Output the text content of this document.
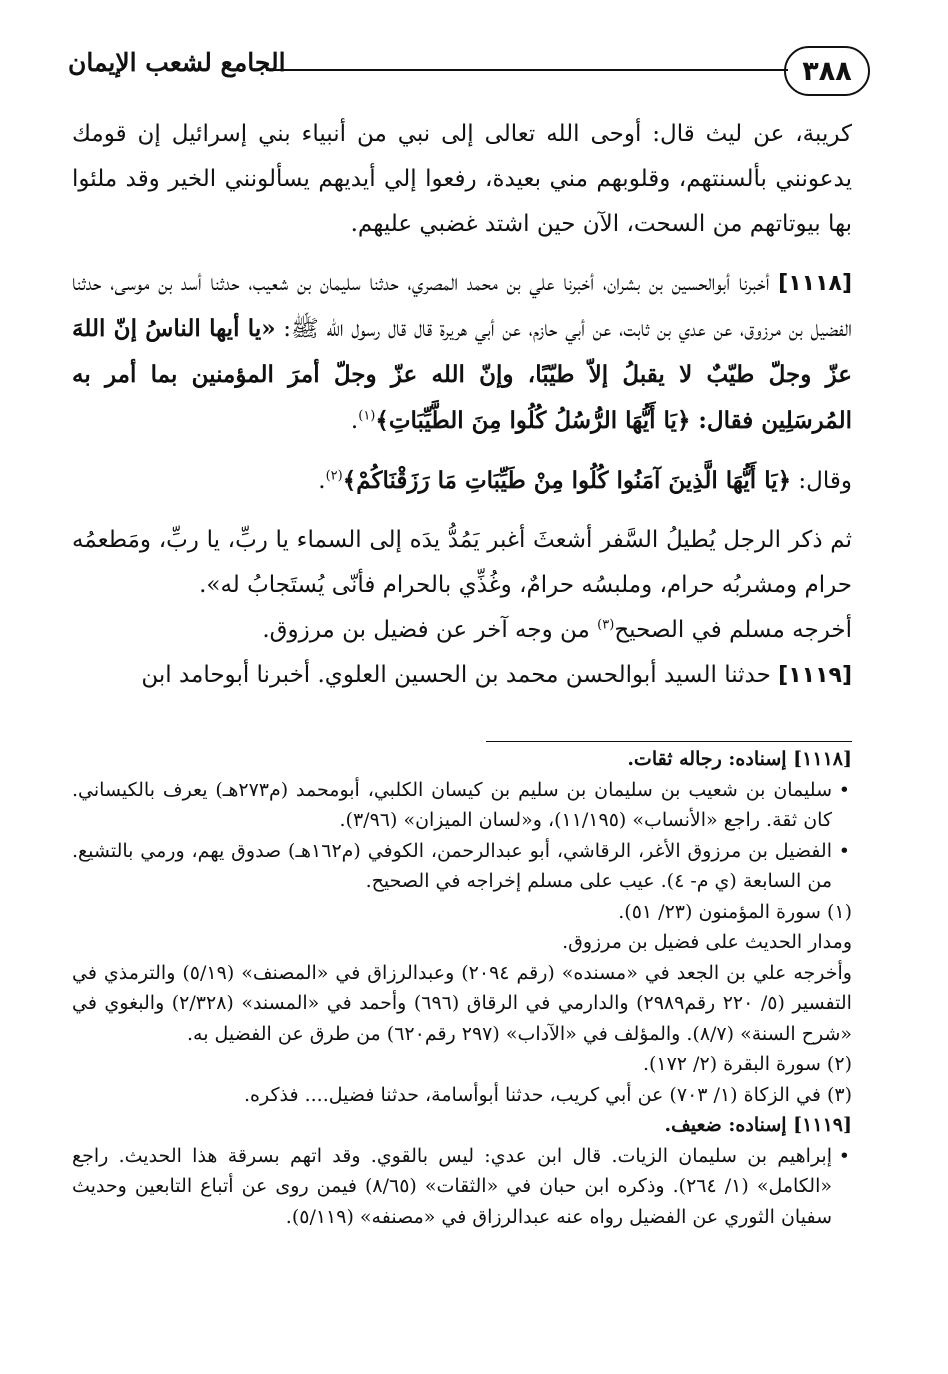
٣٨٨
الجامع لشعب الإيمان

كريبة، عن ليث قال: أوحى الله تعالى إلى نبي من أنبياء بني إسرائيل إن قومك يدعونني بألسنتهم، وقلوبهم مني بعيدة، رفعوا إلي أيديهم يسألونني الخير وقد ملئوا بها بيوتاتهم من السحت، الآن حين اشتد غضبي عليهم.

[١١١٨] أخبرنا أبوالحسين بن بشران، أخبرنا علي بن محمد المصري، حدثنا سليمان بن شعيب، حدثنا أسد بن موسى، حدثنا الفضيل بن مرزوق، عن عدي بن ثابت، عن أبي حازم، عن أبي هريرة قال قال رسول الله ﷺ: «يا أيها الناسُ إنّ اللهَ عزّ وجلّ طيّبٌ لا يقبلُ إلاّ طيّبًا، وإنّ الله عزّ وجلّ أمرَ المؤمنين بما أمر به المُرسَلِين فقال: ﴿يَا أَيُّهَا الرُّسُلُ كُلُوا مِنَ الطَّيِّبَاتِ﴾$^{(١)}$.

وقال: ﴿يَا أَيُّهَا الَّذِينَ آمَنُوا كُلُوا مِنْ طَيِّبَاتِ مَا رَزَقْنَاكُمْ﴾$^{(٢)}$.

ثم ذكر الرجل يُطيلُ السَّفر أشعثَ أغبر يَمُدُّ يدَه إلى السماء يا ربِّ، يا ربِّ، ومَطعمُه حرام ومشربُه حرام، وملبسُه حرامٌ، وغُذِّي بالحرام فأنّى يُستَجابُ له».

أخرجه مسلم في الصحيح$^{(٣)}$ من وجه آخر عن فضيل بن مرزوق.

[١١١٩] حدثنا السيد أبوالحسن محمد بن الحسين العلوي. أخبرنا أبوحامد ابن

[١١١٨] إسناده: رجاله ثقات.

• سليمان بن شعيب بن سليمان بن سليم بن كيسان الكلبي، أبومحمد (م٢٧٣هـ) يعرف بالكيساني. كان ثقة. راجع «الأنساب» (١١/١٩٥)، و«لسان الميزان» (٣/٩٦).

• الفضيل بن مرزوق الأغر، الرقاشي، أبو عبدالرحمن، الكوفي (م١٦٢هـ) صدوق يهم، ورمي بالتشيع. من السابعة (ي م- ٤). عيب على مسلم إخراجه في الصحيح.

(١) سورة المؤمنون (٢٣/ ٥١).

ومدار الحديث على فضيل بن مرزوق.

وأخرجه علي بن الجعد في «مسنده» (رقم ٢٠٩٤) وعبدالرزاق في «المصنف» (٥/١٩) والترمذي في التفسير (٥/ ٢٢٠ رقم٢٩٨٩) والدارمي في الرقاق (٦٩٦) وأحمد في «المسند» (٢/٣٢٨) والبغوي في «شرح السنة» (٨/٧). والمؤلف في «الآداب» (٢٩٧ رقم٦٢٠) من طرق عن الفضيل به.

(٢) سورة البقرة (٢/ ١٧٢).

(٣) في الزكاة (١/ ٧٠٣) عن أبي كريب، حدثنا أبوأسامة، حدثنا فضيل.... فذكره.

[١١١٩] إسناده: ضعيف.

• إبراهيم بن سليمان الزيات. قال ابن عدي: ليس بالقوي. وقد اتهم بسرقة هذا الحديث. راجع «الكامل» (١/ ٢٦٤). وذكره ابن حبان في «الثقات» (٨/٦٥) فيمن روى عن أتباع التابعين وحديث سفيان الثوري عن الفضيل رواه عنه عبدالرزاق في «مصنفه» (٥/١١٩).
